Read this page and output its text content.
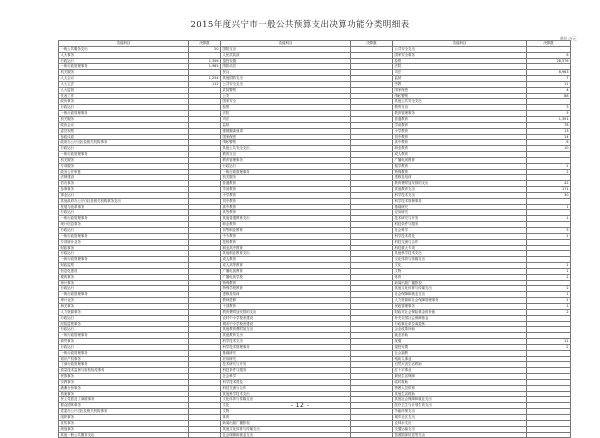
2015年度兴宁市一般公共预算支出决算功能分类明细表
单位:万元
功能科目	决算数	功能科目	决算数	功能科目	决算数
一般公共服务支出	20	国防支出		公共安全支出	
人大事务		人民武装部		国家安全事务	6
行政运行	1,356	退役安置		检察	28,576
一般行政管理事务	1,985	国防动员		法院	
机关服务		民兵		司法	6,963
人大会议	1,254	其他国防支出		监狱	7
人大立法	112	公共安全支出		劳教	11
人大监督		武装警察		国家保密	4
代表工作		公安		缉私警察	86
政协事务		国家安全		其他公共安全支出	
行政运行		检察		教育支出	3
一般行政管理事务		法院		教育管理事务	5
机关服务		司法		普通教育	1,391
政协会议		监狱		学前教育	78
委员视察		强制隔离戒毒		小学教育	13
参政议政		国家保密		初中教育	14
政府办公厅(室)及相关机构事务		缉私警察		高中教育	6
行政运行		其他公共安全支出		职业教育	10
一般行政管理事务		教育支出		成人教育	
机关服务		教育管理事务		广播电视教育	
专项服务		行政运行		留学教育	1
政务公开审批		一般行政管理事务		特殊教育	2
法制建设		机关服务		进修及培训	
信访事务		普通教育		教育费附加安排的支出	42
参事事务		学前教育		其他教育支出	171
事业运行		小学教育		科学技术支出	30
其他政府办公厅(室)及相关机构事务支出		初中教育		科学技术管理事务	
发展与改革事务		高中教育		基础研究	1
行政运行		高等教育		应用研究	
一般行政管理事务		其他普通教育支出		技术研究与开发	1
统计信息事务		职业教育		科技条件与服务	
行政运行		初等职业教育		社会科学	3
一般行政管理事务		中专教育		科学技术普及	1
专项统计业务		技校教育		科技交流与合作	
财政事务		职业高中教育		科技重大专项	
行政运行		其他职业教育支出		其他科学技术支出	
一般行政管理事务		成人教育		文化体育与传媒支出	
财政监察		成人高等教育		文化	1
信息化建设		广播电视教育		文物	1
税收事务		广播电视学校		体育	1
审计事务		特殊教育		新闻出版广播影视	
行政运行		特殊学校教育		其他文化体育与传媒支出	2
一般行政管理事务		进修及培训		社会保障和就业支出	1
审计业务		教师进修		人力资源和社会保障管理事务	1
海关事务		干部教育		民政管理事务	1
人力资源事务		教育费附加安排的支出		财政对社会保险基金的补助	2
行政运行		农村中小学校舍建设		补充全国社会保障基金	
纪检监察事务		城市中小学校舍建设		行政事业单位离退休	
行政运行		其他教育费附加支出		企业改革补助	
一般行政管理事务		其他教育支出		就业补助	
商贸事务		科学技术支出		抚恤	11
行政运行		科学技术管理事务		退役安置	2
一般行政管理事务		基础研究		社会福利	
知识产权事务		应用研究		残疾人事业	
工商行政管理事务		技术研究与开发		自然灾害生活救助	
质量技术监督与检验检疫事务		科技条件与服务		红十字事业	
民族事务		社会科学		最低生活保障	
宗教事务		科学技术普及		临时救助	
港澳台侨事务		科技交流与合作		特困人员供养	
档案事务		其他科学技术支出		其他生活救助	
民主党派及工商联事务		文化体育与传媒支出		其他社会保障和就业支出	
群众团体事务		文化		医疗卫生与计划生育支出	
党委办公厅(室)及相关机构事务		文物		节能环保支出	
组织事务		体育		城乡社区支出	
宣传事务		新闻出版广播影视		农林水支出	
统战事务		其他文化体育与传媒支出		交通运输支出	
其他一般公共服务支出		社会保障和就业支出		资源勘探信息等支出	
- 12 -
